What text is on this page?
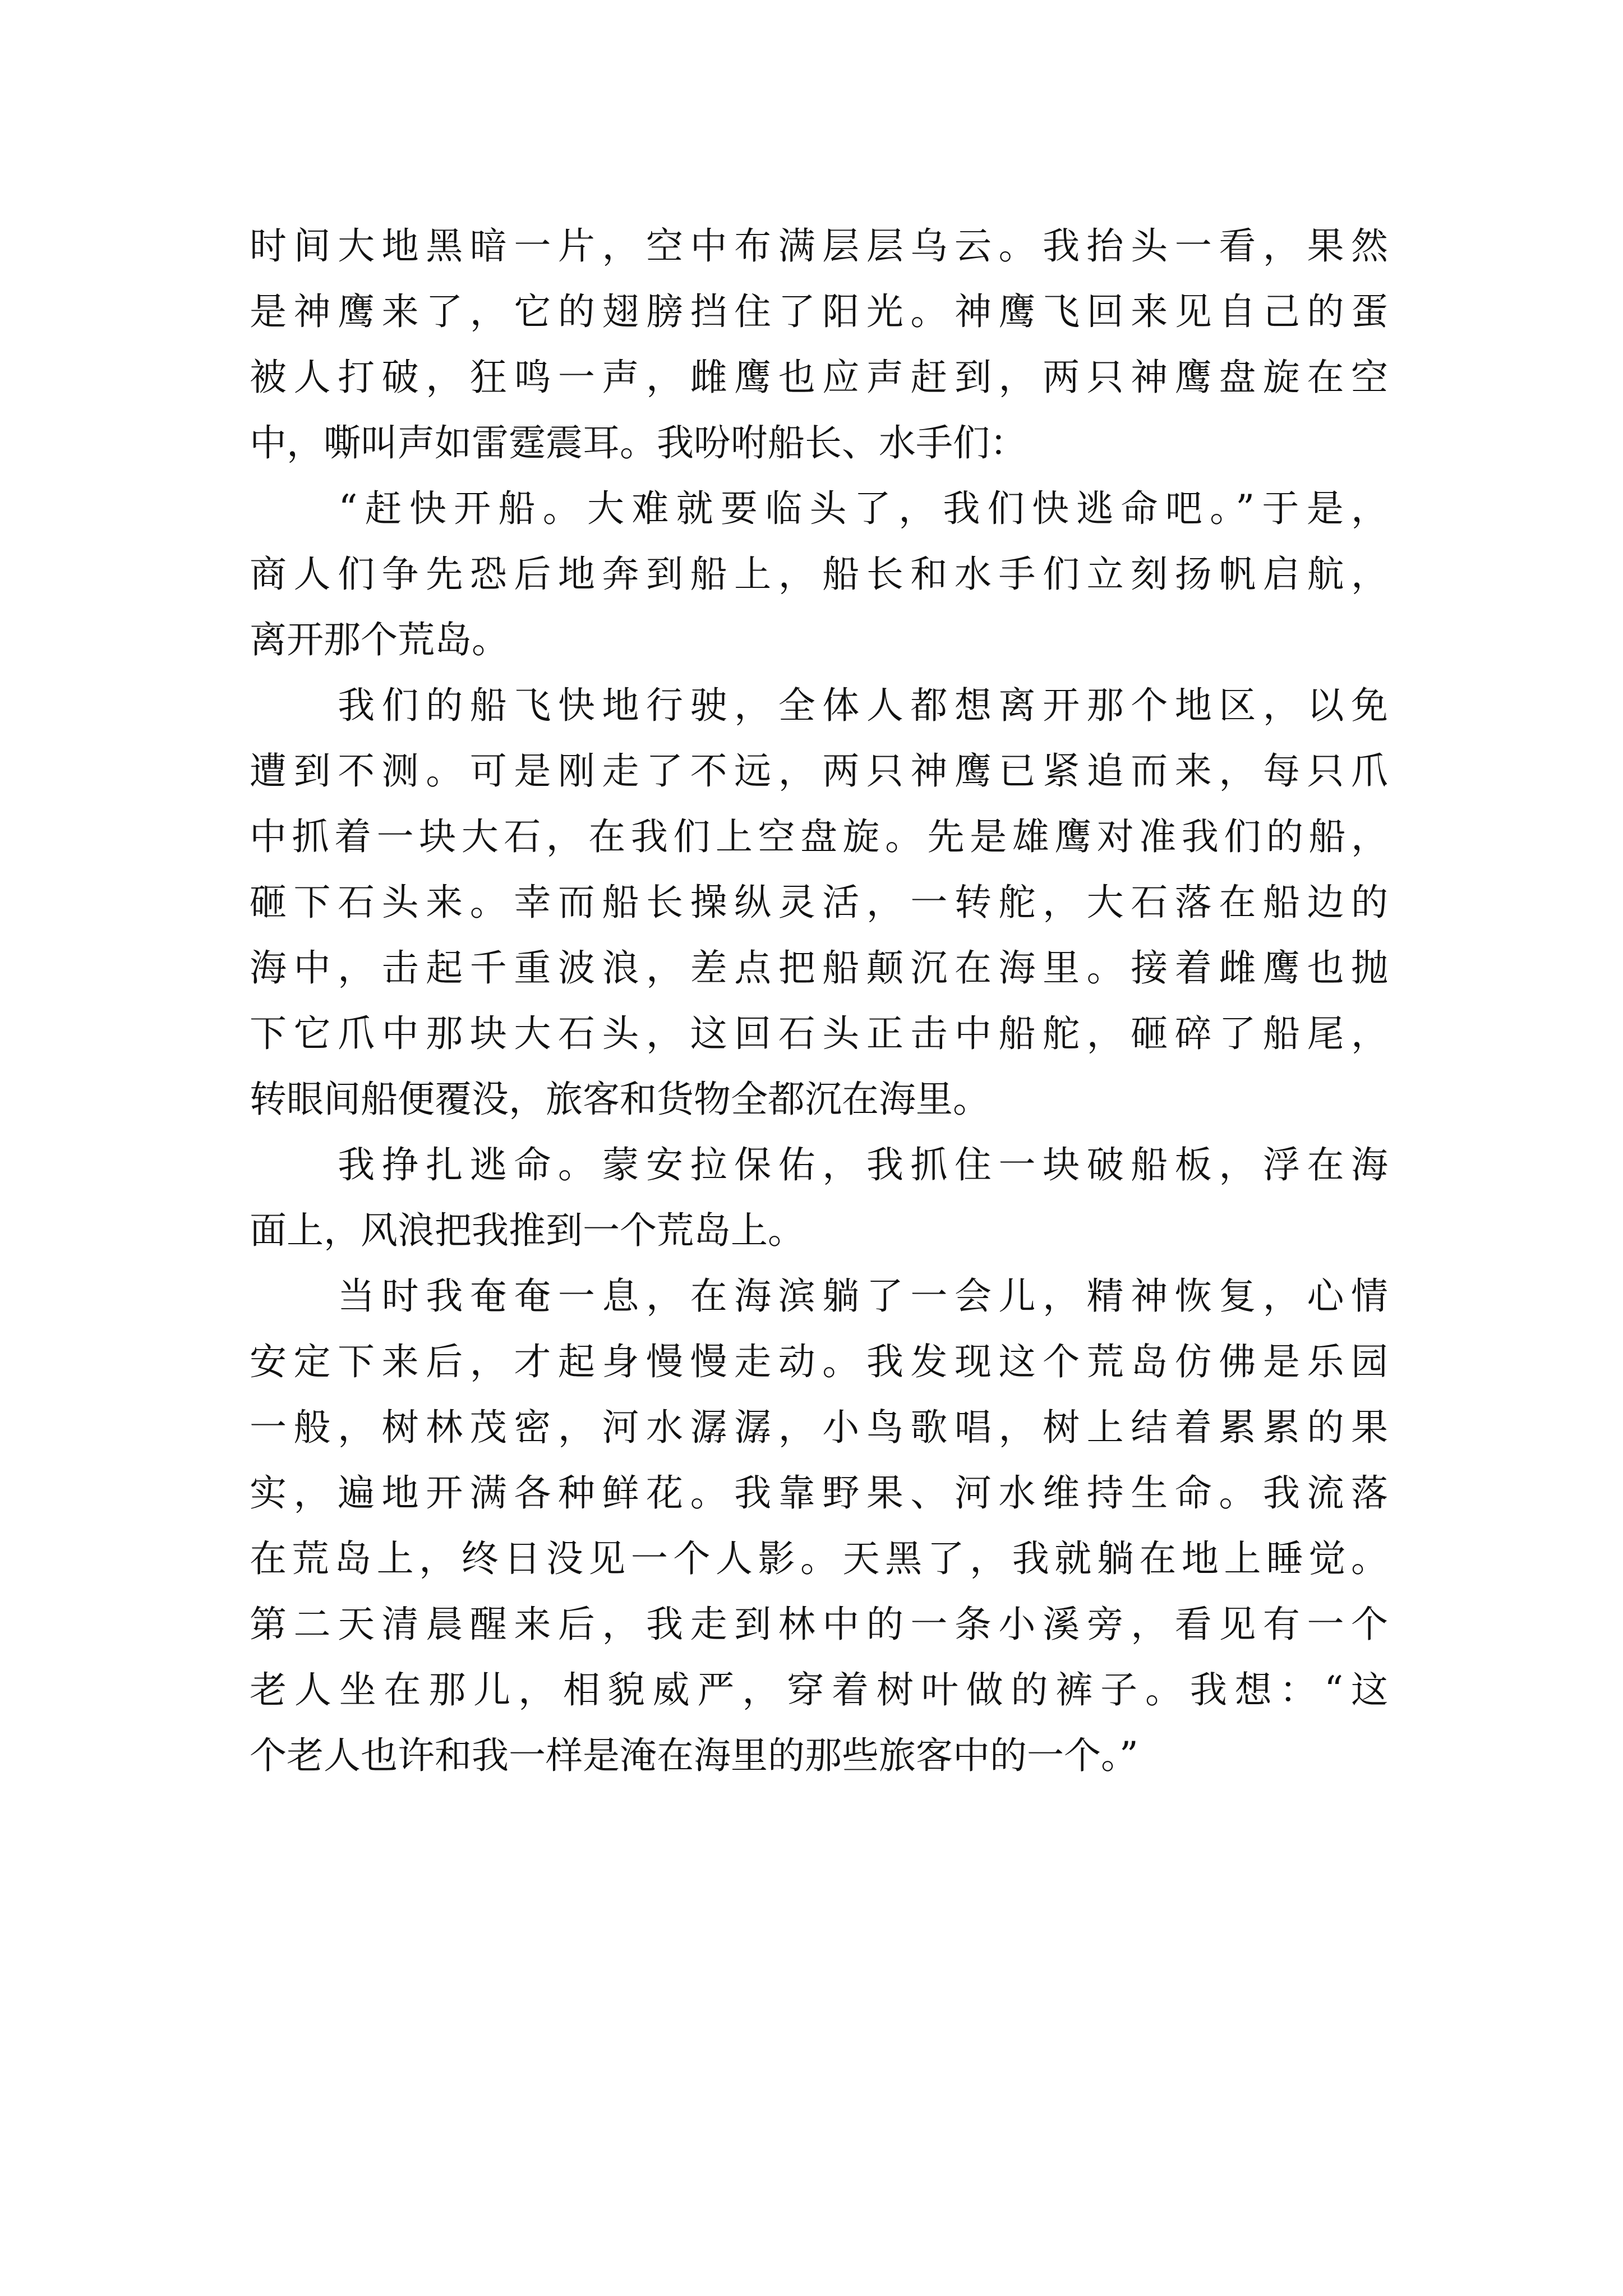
时间大地黑暗一片，空中布满层层乌云。我抬头一看，果然
是神鹰来了，它的翅膀挡住了阳光。神鹰飞回来见自己的蛋
被人打破，狂鸣一声，雌鹰也应声赶到，两只神鹰盘旋在空
中，嘶叫声如雷霆震耳。我吩咐船长、水手们：
　　“赶快开船。大难就要临头了，我们快逃命吧。”于是，
商人们争先恐后地奔到船上，船长和水手们立刻扬帆启航，
离开那个荒岛。
　　我们的船飞快地行驶，全体人都想离开那个地区，以免
遭到不测。可是刚走了不远，两只神鹰已紧追而来，每只爪
中抓着一块大石，在我们上空盘旋。先是雄鹰对准我们的船，
砸下石头来。幸而船长操纵灵活，一转舵，大石落在船边的
海中，击起千重波浪，差点把船颠沉在海里。接着雌鹰也抛
下它爪中那块大石头，这回石头正击中船舵，砸碎了船尾，
转眼间船便覆没，旅客和货物全都沉在海里。
　　我挣扎逃命。蒙安拉保佑，我抓住一块破船板，浮在海
面上，风浪把我推到一个荒岛上。
　　当时我奄奄一息，在海滨躺了一会儿，精神恢复，心情
安定下来后，才起身慢慢走动。我发现这个荒岛仿佛是乐园
一般，树林茂密，河水潺潺，小鸟歌唱，树上结着累累的果
实，遍地开满各种鲜花。我靠野果、河水维持生命。我流落
在荒岛上，终日没见一个人影。天黑了，我就躺在地上睡觉。
第二天清晨醒来后，我走到林中的一条小溪旁，看见有一个
老人坐在那儿，相貌威严，穿着树叶做的裤子。我想：“这
个老人也许和我一样是淹在海里的那些旅客中的一个。”
